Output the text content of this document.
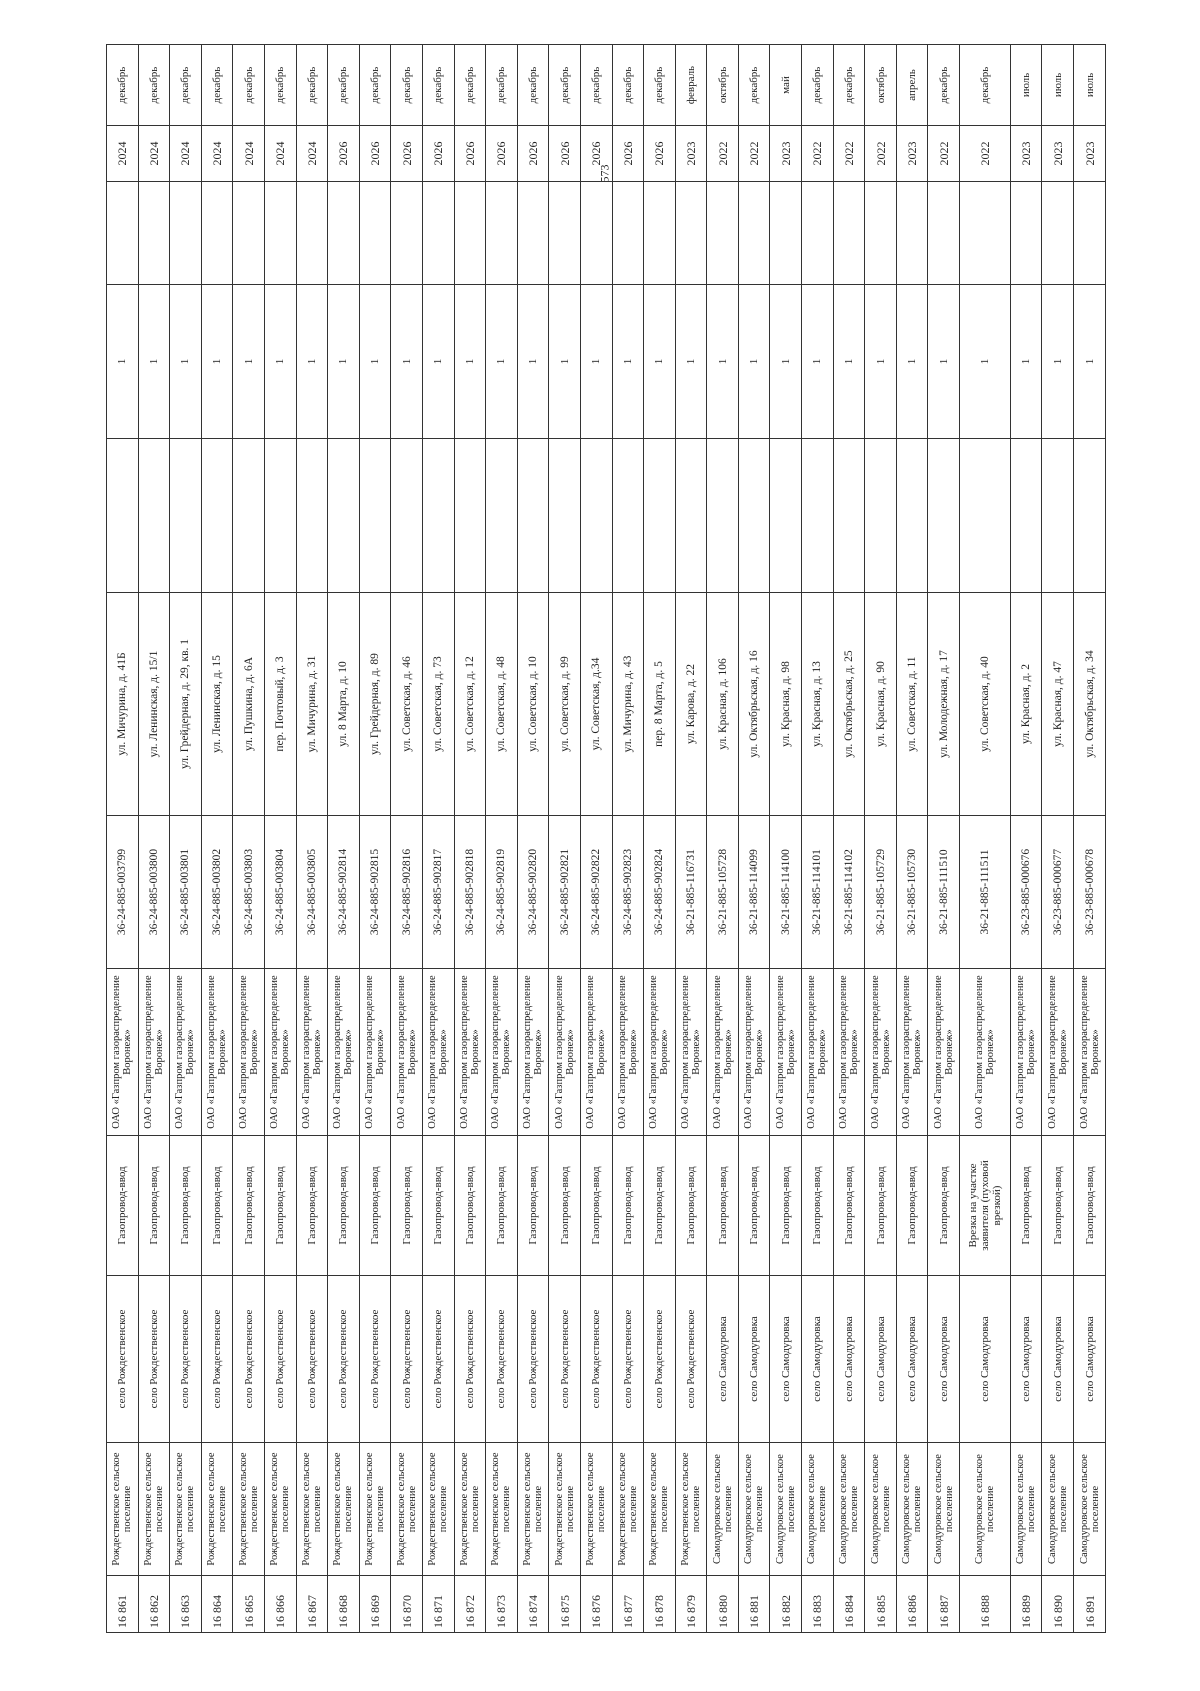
573
16 861	Рождественское сельское поселение	село Рождественское	Газопровод-ввод	ОАО «Газпром газораспределение Воронеж»	36-24-885-003799	ул. Мичурина, д. 41Б		1		2024	декабрь
16 862	Рождественское сельское поселение	село Рождественское	Газопровод-ввод	ОАО «Газпром газораспределение Воронеж»	36-24-885-003800	ул. Ленинская, д. 15/1		1		2024	декабрь
16 863	Рождественское сельское поселение	село Рождественское	Газопровод-ввод	ОАО «Газпром газораспределение Воронеж»	36-24-885-003801	ул. Грейдерная, д. 29, кв. 1		1		2024	декабрь
16 864	Рождественское сельское поселение	село Рождественское	Газопровод-ввод	ОАО «Газпром газораспределение Воронеж»	36-24-885-003802	ул. Ленинская, д. 15		1		2024	декабрь
16 865	Рождественское сельское поселение	село Рождественское	Газопровод-ввод	ОАО «Газпром газораспределение Воронеж»	36-24-885-003803	ул. Пушкина, д. 6А		1		2024	декабрь
16 866	Рождественское сельское поселение	село Рождественское	Газопровод-ввод	ОАО «Газпром газораспределение Воронеж»	36-24-885-003804	пер. Почтовый, д. 3		1		2024	декабрь
16 867	Рождественское сельское поселение	село Рождественское	Газопровод-ввод	ОАО «Газпром газораспределение Воронеж»	36-24-885-003805	ул. Мичурина, д. 31		1		2024	декабрь
16 868	Рождественское сельское поселение	село Рождественское	Газопровод-ввод	ОАО «Газпром газораспределение Воронеж»	36-24-885-902814	ул. 8 Марта, д. 10		1		2026	декабрь
16 869	Рождественское сельское поселение	село Рождественское	Газопровод-ввод	ОАО «Газпром газораспределение Воронеж»	36-24-885-902815	ул. Грейдерная, д. 89		1		2026	декабрь
16 870	Рождественское сельское поселение	село Рождественское	Газопровод-ввод	ОАО «Газпром газораспределение Воронеж»	36-24-885-902816	ул. Советская, д. 46		1		2026	декабрь
16 871	Рождественское сельское поселение	село Рождественское	Газопровод-ввод	ОАО «Газпром газораспределение Воронеж»	36-24-885-902817	ул. Советская, д. 73		1		2026	декабрь
16 872	Рождественское сельское поселение	село Рождественское	Газопровод-ввод	ОАО «Газпром газораспределение Воронеж»	36-24-885-902818	ул. Советская, д. 12		1		2026	декабрь
16 873	Рождественское сельское поселение	село Рождественское	Газопровод-ввод	ОАО «Газпром газораспределение Воронеж»	36-24-885-902819	ул. Советская, д. 48		1		2026	декабрь
16 874	Рождественское сельское поселение	село Рождественское	Газопровод-ввод	ОАО «Газпром газораспределение Воронеж»	36-24-885-902820	ул. Советская, д. 10		1		2026	декабрь
16 875	Рождественское сельское поселение	село Рождественское	Газопровод-ввод	ОАО «Газпром газораспределение Воронеж»	36-24-885-902821	ул. Советская, д. 99		1		2026	декабрь
16 876	Рождественское сельское поселение	село Рождественское	Газопровод-ввод	ОАО «Газпром газораспределение Воронеж»	36-24-885-902822	ул. Советская, д.34		1		2026	декабрь
16 877	Рождественское сельское поселение	село Рождественское	Газопровод-ввод	ОАО «Газпром газораспределение Воронеж»	36-24-885-902823	ул. Мичурина, д. 43		1		2026	декабрь
16 878	Рождественское сельское поселение	село Рождественское	Газопровод-ввод	ОАО «Газпром газораспределение Воронеж»	36-24-885-902824	пер. 8 Марта, д. 5		1		2026	декабрь
16 879	Рождественское сельское поселение	село Рождественское	Газопровод-ввод	ОАО «Газпром газораспределение Воронеж»	36-21-885-116731	ул. Карова, д. 22		1		2023	февраль
16 880	Самодуровское сельское поселение	село Самодуровка	Газопровод-ввод	ОАО «Газпром газораспределение Воронеж»	36-21-885-105728	ул. Красная, д. 106		1		2022	октябрь
16 881	Самодуровское сельское поселение	село Самодуровка	Газопровод-ввод	ОАО «Газпром газораспределение Воронеж»	36-21-885-114099	ул. Октябрьская, д. 16		1		2022	декабрь
16 882	Самодуровское сельское поселение	село Самодуровка	Газопровод-ввод	ОАО «Газпром газораспределение Воронеж»	36-21-885-114100	ул. Красная, д. 98		1		2023	май
16 883	Самодуровское сельское поселение	село Самодуровка	Газопровод-ввод	ОАО «Газпром газораспределение Воронеж»	36-21-885-114101	ул. Красная, д. 13		1		2022	декабрь
16 884	Самодуровское сельское поселение	село Самодуровка	Газопровод-ввод	ОАО «Газпром газораспределение Воронеж»	36-21-885-114102	ул. Октябрьская, д. 25		1		2022	декабрь
16 885	Самодуровское сельское поселение	село Самодуровка	Газопровод-ввод	ОАО «Газпром газораспределение Воронеж»	36-21-885-105729	ул. Красная, д. 90		1		2022	октябрь
16 886	Самодуровское сельское поселение	село Самодуровка	Газопровод-ввод	ОАО «Газпром газораспределение Воронеж»	36-21-885-105730	ул. Советская, д. 11		1		2023	апрель
16 887	Самодуровское сельское поселение	село Самодуровка	Газопровод-ввод	ОАО «Газпром газораспределение Воронеж»	36-21-885-111510	ул. Молодежная, д. 17		1		2022	декабрь
16 888	Самодуровское сельское поселение	село Самодуровка	Врезка на участке заявителя (пуховой врезкой)	ОАО «Газпром газораспределение Воронеж»	36-21-885-111511	ул. Советская, д. 40		1		2022	декабрь
16 889	Самодуровское сельское поселение	село Самодуровка	Газопровод-ввод	ОАО «Газпром газораспределение Воронеж»	36-23-885-000676	ул. Красная, д. 2		1		2023	июль
16 890	Самодуровское сельское поселение	село Самодуровка	Газопровод-ввод	ОАО «Газпром газораспределение Воронеж»	36-23-885-000677	ул. Красная, д. 47		1		2023	июль
16 891	Самодуровское сельское поселение	село Самодуровка	Газопровод-ввод	ОАО «Газпром газораспределение Воронеж»	36-23-885-000678	ул. Октябрьская, д. 34		1		2023	июль
